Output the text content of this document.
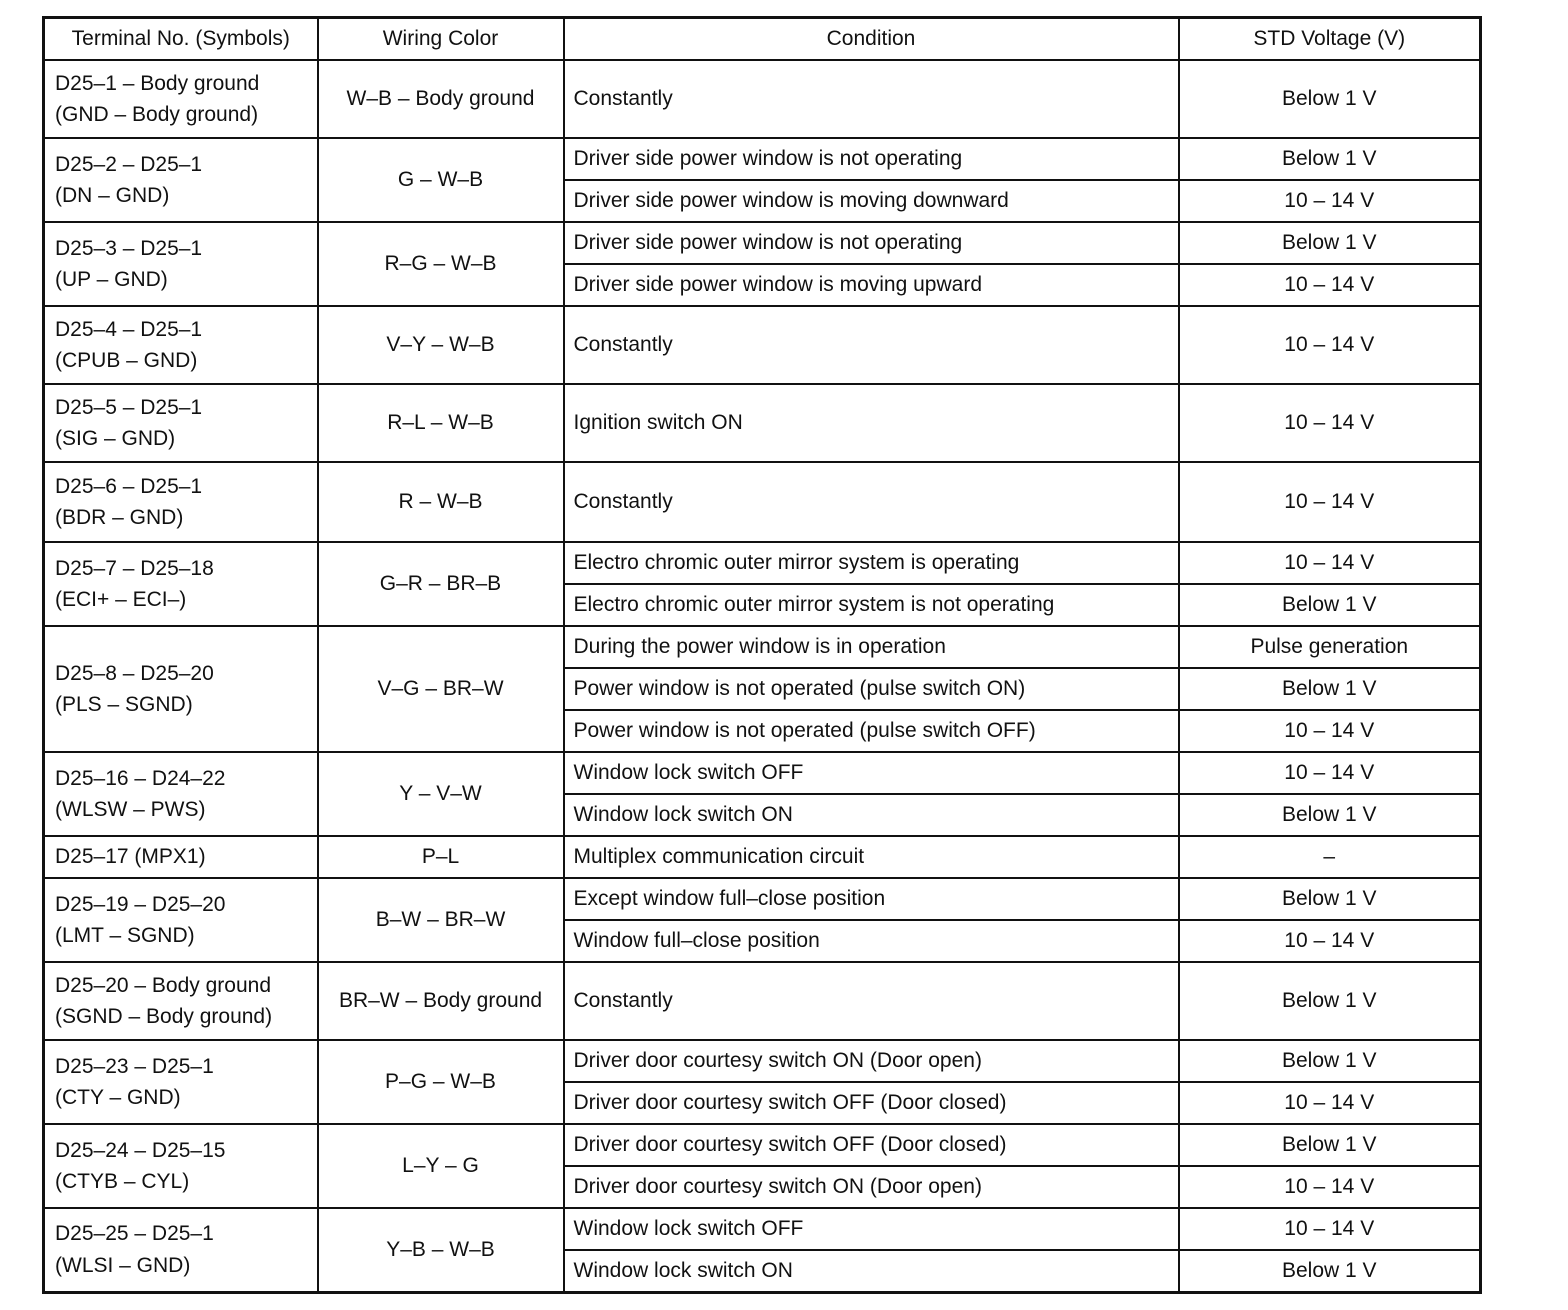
Terminal No. (Symbols)	Wiring Color	Condition	STD Voltage (V)

D25–1 – Body ground
(GND – Body ground)	W–B – Body ground	Constantly	Below 1 V

D25–2 – D25–1
(DN – GND)	G – W–B	Driver side power window is not operating	Below 1 V
		Driver side power window is moving downward	10 – 14 V

D25–3 – D25–1
(UP – GND)	R–G – W–B	Driver side power window is not operating	Below 1 V
		Driver side power window is moving upward	10 – 14 V

D25–4 – D25–1
(CPUB – GND)	V–Y – W–B	Constantly	10 – 14 V

D25–5 – D25–1
(SIG – GND)	R–L – W–B	Ignition switch ON	10 – 14 V

D25–6 – D25–1
(BDR – GND)	R – W–B	Constantly	10 – 14 V

D25–7 – D25–18
(ECI+ – ECI–)	G–R – BR–B	Electro chromic outer mirror system is operating	10 – 14 V
		Electro chromic outer mirror system is not operating	Below 1 V

D25–8 – D25–20
(PLS – SGND)	V–G – BR–W	During the power window is in operation	Pulse generation
		Power window is not operated (pulse switch ON)	Below 1 V
		Power window is not operated (pulse switch OFF)	10 – 14 V

D25–16 – D24–22
(WLSW – PWS)	Y – V–W	Window lock switch OFF	10 – 14 V
		Window lock switch ON	Below 1 V

D25–17 (MPX1)	P–L	Multiplex communication circuit	–

D25–19 – D25–20
(LMT – SGND)	B–W – BR–W	Except window full–close position	Below 1 V
		Window full–close position	10 – 14 V

D25–20 – Body ground
(SGND – Body ground)	BR–W – Body ground	Constantly	Below 1 V

D25–23 – D25–1
(CTY – GND)	P–G – W–B	Driver door courtesy switch ON (Door open)	Below 1 V
		Driver door courtesy switch OFF (Door closed)	10 – 14 V

D25–24 – D25–15
(CTYB – CYL)	L–Y – G	Driver door courtesy switch OFF (Door closed)	Below 1 V
		Driver door courtesy switch ON (Door open)	10 – 14 V

D25–25 – D25–1
(WLSI – GND)	Y–B – W–B	Window lock switch OFF	10 – 14 V
		Window lock switch ON	Below 1 V
